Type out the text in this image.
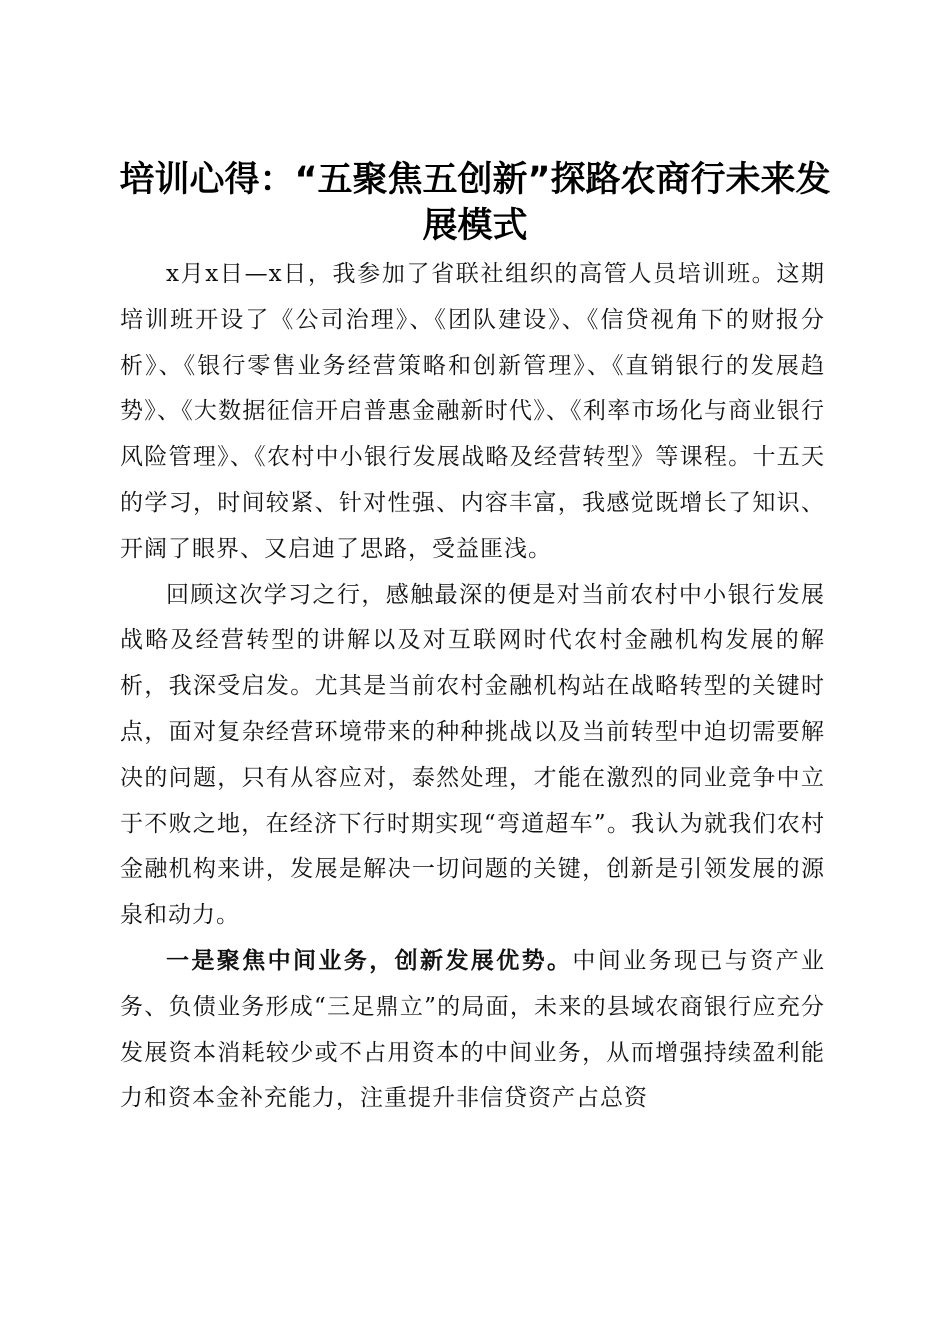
培训心得：“五聚焦五创新”探路农商行未来发展模式

x月x日—x日，我参加了省联社组织的高管人员培训班。这期培训班开设了《公司治理》、《团队建设》、《信贷视角下的财报分析》、《银行零售业务经营策略和创新管理》、《直销银行的发展趋势》、《大数据征信开启普惠金融新时代》、《利率市场化与商业银行风险管理》、《农村中小银行发展战略及经营转型》等课程。十五天的学习，时间较紧、针对性强、内容丰富，我感觉既增长了知识、开阔了眼界、又启迪了思路，受益匪浅。

回顾这次学习之行，感触最深的便是对当前农村中小银行发展战略及经营转型的讲解以及对互联网时代农村金融机构发展的解析，我深受启发。尤其是当前农村金融机构站在战略转型的关键时点，面对复杂经营环境带来的种种挑战以及当前转型中迫切需要解决的问题，只有从容应对，泰然处理，才能在激烈的同业竞争中立于不败之地，在经济下行时期实现“弯道超车”。我认为就我们农村金融机构来讲，发展是解决一切问题的关键，创新是引领发展的源泉和动力。

一是聚焦中间业务，创新发展优势。中间业务现已与资产业务、负债业务形成“三足鼎立”的局面，未来的县域农商银行应充分发展资本消耗较少或不占用资本的中间业务，从而增强持续盈利能力和资本金补充能力，注重提升非信贷资产占总资
